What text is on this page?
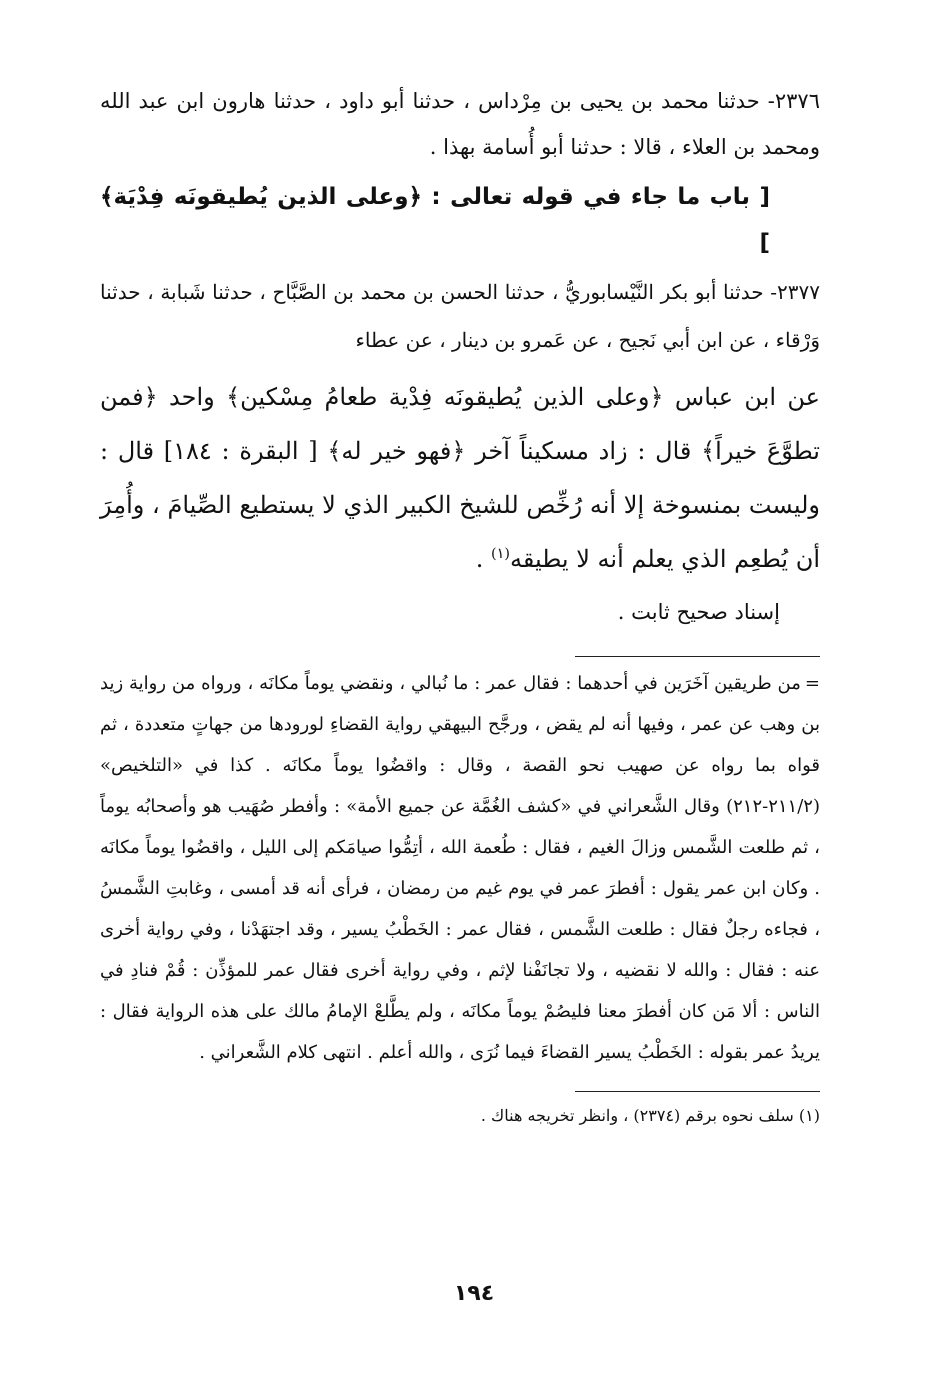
٢٣٧٦- حدثنا محمد بن يحيى بن مِرْداس ، حدثنا أبو داود ، حدثنا هارون ابن عبد الله ومحمد بن العلاء ، قالا : حدثنا أبو أُسامة بهذا .

[ باب ما جاء في قوله تعالى : ﴿وعلى الذين يُطيقونَه فِدْيَة﴾ ]

٢٣٧٧- حدثنا أبو بكر النَّيْسابوريُّ ، حدثنا الحسن بن محمد بن الصَّبَّاح ، حدثنا شَبابة ، حدثنا وَرْقاء ، عن ابن أبي نَجيح ، عن عَمرو بن دينار ، عن عطاء

عن ابن عباس ﴿وعلى الذين يُطيقونَه فِدْية طعامُ مِسْكين﴾ واحد ﴿فمن تطوَّعَ خيراً﴾ قال : زاد مسكيناً آخر ﴿فهو خير له﴾ [ البقرة : ١٨٤] قال : وليست بمنسوخة إلا أنه رُخِّص للشيخ الكبير الذي لا يستطيع الصِّيامَ ، وأُمِرَ أن يُطعِم الذي يعلم أنه لا يطيقه$^{(١)}$ .

إسناد صحيح ثابت .

=من طريقين آخَرَين في أحدهما : فقال عمر : ما نُبالي ، ونقضي يوماً مكانَه ، ورواه من رواية زيد بن وهب عن عمر ، وفيها أنه لم يقض ، ورجَّح البيهقي رواية القضاءِ لورودها من جهاتٍ متعددة ، ثم قواه بما رواه عن صهيب نحو القصة ، وقال : واقضُوا يوماً مكانَه . كذا في «التلخيص» (٢١١/٢-٢١٢) وقال الشَّعراني في «كشف الغُمَّة عن جميع الأمة» : وأفطر صُهَيب هو وأصحابُه يوماً ، ثم طلعت الشَّمس وزالَ الغيم ، فقال : طُعمة الله ، أتِمُّوا صيامَكم إلى الليل ، واقضُوا يوماً مكانَه . وكان ابن عمر يقول : أفطرَ عمر في يوم غيم من رمضان ، فرأى أنه قد أمسى ، وغابتِ الشَّمسُ ، فجاءه رجلٌ فقال : طلعت الشَّمس ، فقال عمر : الخَطْبُ يسير ، وقد اجتهَدْنا ، وفي رواية أخرى عنه : فقال : والله لا نقضيه ، ولا تجانَفْنا لإثم ، وفي رواية أخرى فقال عمر للمؤذِّن : قُمْ فنادِ في الناس : ألا مَن كان أفطرَ معنا فليصُمْ يوماً مكانَه ، ولم يطَّلعْ الإمامُ مالك على هذه الرواية فقال : يريدُ عمر بقوله : الخَطْبُ يسير القضاءَ فيما نُرَى ، والله أعلم . انتهى كلام الشَّعراني .

(١) سلف نحوه برقم (٢٣٧٤) ، وانظر تخريجه هناك .

١٩٤
